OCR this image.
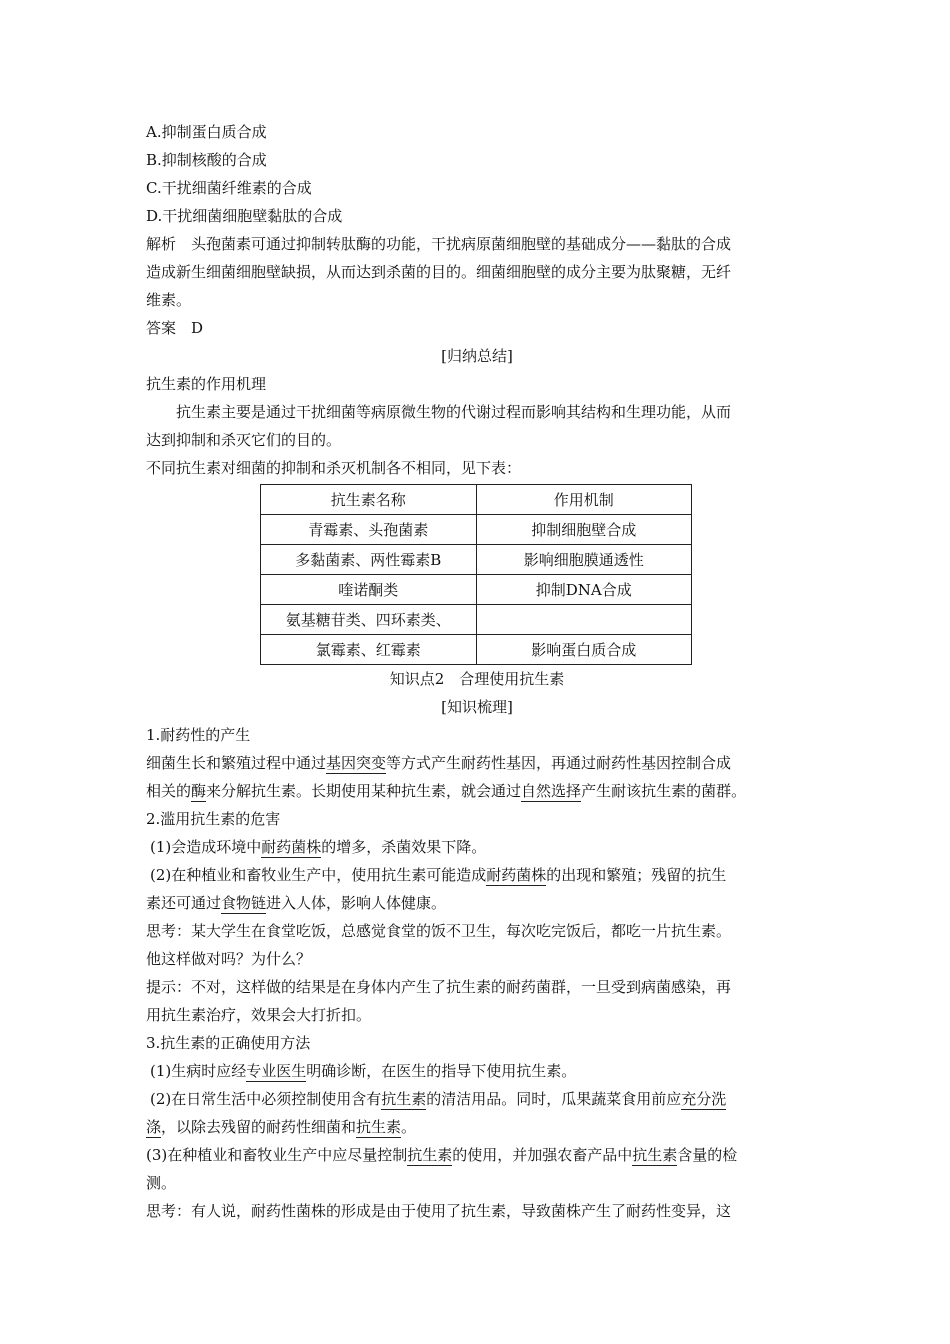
A.抑制蛋白质合成
B.抑制核酸的合成
C.干扰细菌纤维素的合成
D.干扰细菌细胞壁黏肽的合成
解析　头孢菌素可通过抑制转肽酶的功能，干扰病原菌细胞壁的基础成分——黏肽的合成
造成新生细菌细胞壁缺损，从而达到杀菌的目的。细菌细胞壁的成分主要为肽聚糖，无纤
维素。
答案　D
[归纳总结]
抗生素的作用机理
抗生素主要是通过干扰细菌等病原微生物的代谢过程而影响其结构和生理功能，从而
达到抑制和杀灭它们的目的。
不同抗生素对细菌的抑制和杀灭机制各不相同，见下表：
抗生素名称	作用机制
青霉素、头孢菌素	抑制细胞壁合成
多黏菌素、两性霉素B	影响细胞膜通透性
喹诺酮类	抑制DNA合成
氨基糖苷类、四环素类、	
氯霉素、红霉素	影响蛋白质合成
知识点2　合理使用抗生素
[知识梳理]
1.耐药性的产生
细菌生长和繁殖过程中通过基因突变等方式产生耐药性基因，再通过耐药性基因控制合成
相关的酶来分解抗生素。长期使用某种抗生素，就会通过自然选择产生耐该抗生素的菌群。
2.滥用抗生素的危害
(1)会造成环境中耐药菌株的增多，杀菌效果下降。
(2)在种植业和畜牧业生产中，使用抗生素可能造成耐药菌株的出现和繁殖；残留的抗生
素还可通过食物链进入人体，影响人体健康。
思考：某大学生在食堂吃饭，总感觉食堂的饭不卫生，每次吃完饭后，都吃一片抗生素。
他这样做对吗？为什么？
提示：不对，这样做的结果是在身体内产生了抗生素的耐药菌群，一旦受到病菌感染，再
用抗生素治疗，效果会大打折扣。
3.抗生素的正确使用方法
(1)生病时应经专业医生明确诊断，在医生的指导下使用抗生素。
(2)在日常生活中必须控制使用含有抗生素的清洁用品。同时，瓜果蔬菜食用前应充分洗
涤，以除去残留的耐药性细菌和抗生素。
(3)在种植业和畜牧业生产中应尽量控制抗生素的使用，并加强农畜产品中抗生素含量的检
测。
思考：有人说，耐药性菌株的形成是由于使用了抗生素，导致菌株产生了耐药性变异，这
